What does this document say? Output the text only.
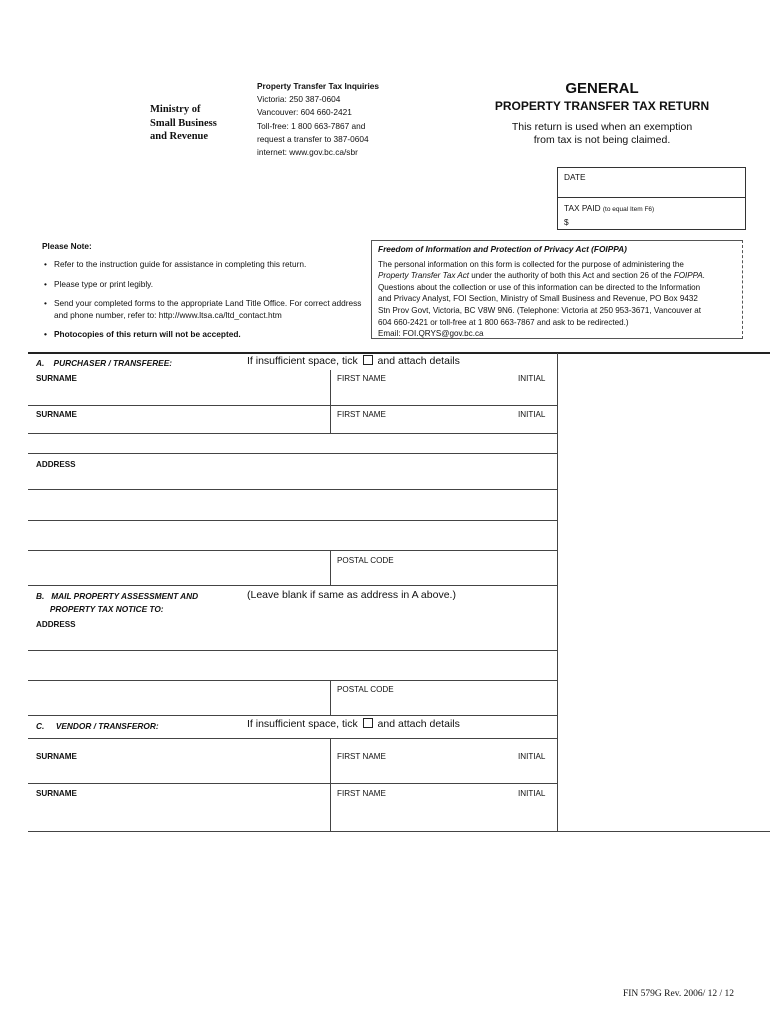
Ministry of
Small Business
and Revenue
Property Transfer Tax Inquiries
Victoria: 250 387-0604
Vancouver: 604 660-2421
Toll-free: 1 800 663-7867 and
request a transfer to 387-0604
internet: www.gov.bc.ca/sbr
GENERAL
PROPERTY TRANSFER TAX RETURN
This return is used when an exemption
from tax is not being claimed.
DATE
TAX PAID (to equal Item F6)
$
Please Note:
• Refer to the instruction guide for assistance in completing this return.
• Please type or print legibly.
• Send your completed forms to the appropriate Land Title Office. For correct address and phone number, refer to: http://www.ltsa.ca/ltd_contact.htm
• Photocopies of this return will not be accepted.
Freedom of Information and Protection of Privacy Act (FOIPPA)
The personal information on this form is collected for the purpose of administering the
Property Transfer Tax Act under the authority of both this Act and section 26 of the FOIPPA.
Questions about the collection or use of this information can be directed to the Information
and Privacy Analyst, FOI Section, Ministry of Small Business and Revenue, PO Box 9432
Stn Prov Govt, Victoria, BC V8W 9N6. (Telephone: Victoria at 250 953-3671, Vancouver at
604 660-2421 or toll-free at 1 800 663-7867 and ask to be redirected.)
Email: FOI.QRYS@gov.bc.ca
A. PURCHASER / TRANSFEREE:	If insufficient space, tick and attach details
SURNAME	FIRST NAME	INITIAL
SURNAME	FIRST NAME	INITIAL
ADDRESS
POSTAL CODE
B. MAIL PROPERTY ASSESSMENT AND
PROPERTY TAX NOTICE TO:
(Leave blank if same as address in A above.)
ADDRESS
POSTAL CODE
C. VENDOR / TRANSFEROR:	If insufficient space, tick and attach details
SURNAME	FIRST NAME	INITIAL
SURNAME	FIRST NAME	INITIAL
FIN 579G Rev. 2006/ 12 / 12
